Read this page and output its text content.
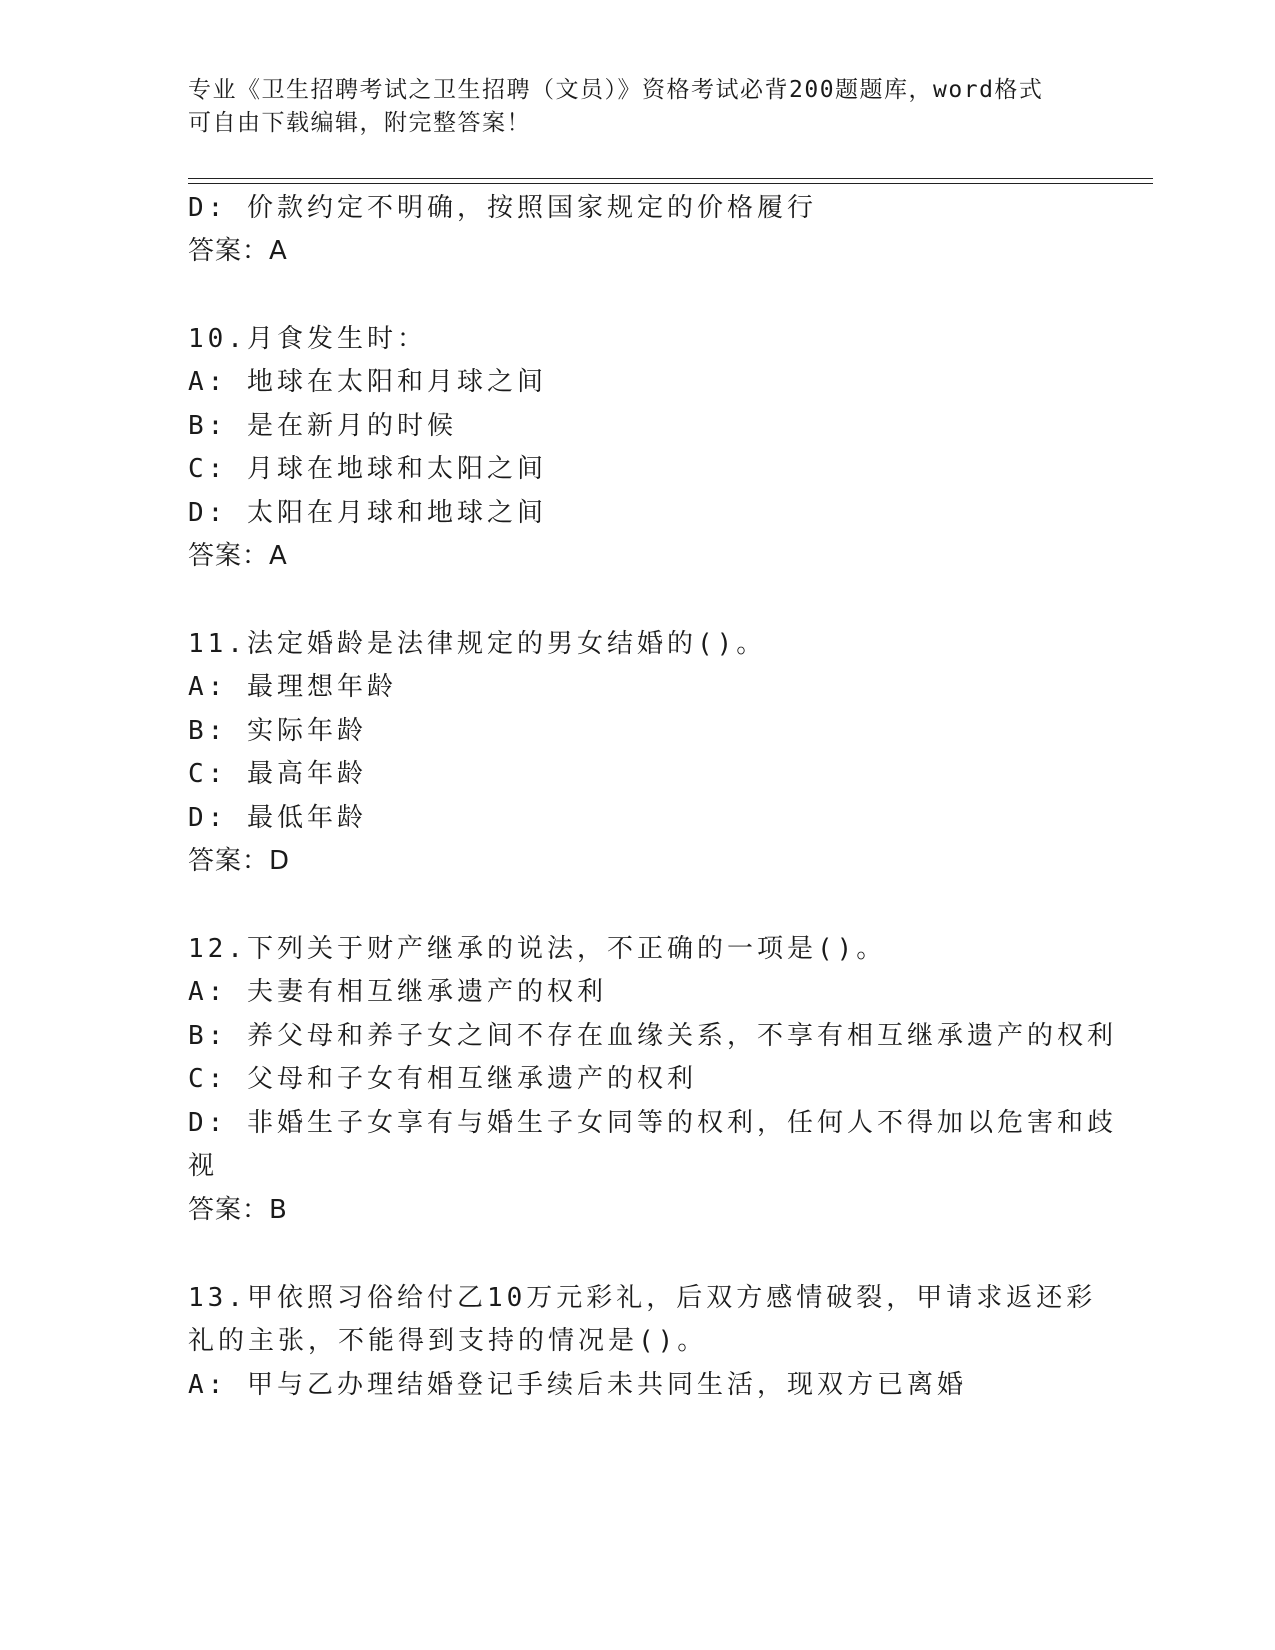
专业《卫生招聘考试之卫生招聘（文员）》资格考试必背200题题库，word格式
可自由下载编辑，附完整答案！
D: 价款约定不明确，按照国家规定的价格履行
答案：A
10.月食发生时：
A: 地球在太阳和月球之间
B: 是在新月的时候
C: 月球在地球和太阳之间
D: 太阳在月球和地球之间
答案：A
11.法定婚龄是法律规定的男女结婚的()。
A: 最理想年龄
B: 实际年龄
C: 最高年龄
D: 最低年龄
答案：D
12.下列关于财产继承的说法，不正确的一项是()。
A: 夫妻有相互继承遗产的权利
B: 养父母和养子女之间不存在血缘关系，不享有相互继承遗产的权利
C: 父母和子女有相互继承遗产的权利
D: 非婚生子女享有与婚生子女同等的权利，任何人不得加以危害和歧
视
答案：B
13.甲依照习俗给付乙10万元彩礼，后双方感情破裂，甲请求返还彩
礼的主张，不能得到支持的情况是()。
A: 甲与乙办理结婚登记手续后未共同生活，现双方已离婚
